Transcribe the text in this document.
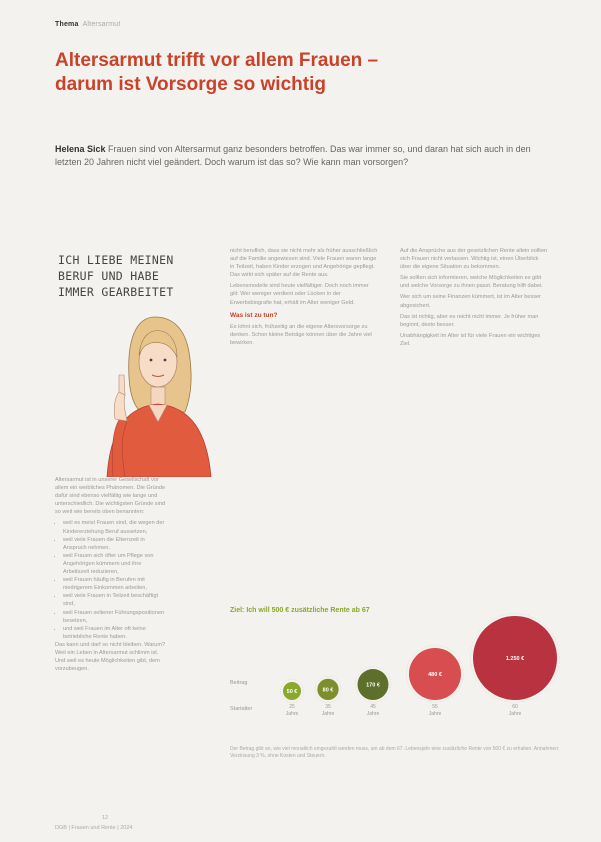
Thema Altersarmut
Altersarmut trifft vor allem Frauen –
darum ist Vorsorge so wichtig
Helena Sick Frauen sind von Altersarmut ganz besonders betroffen. Das war immer so, und daran hat sich auch in den letzten 20 Jahren nicht viel geändert. Doch warum ist das so? Wie kann man vorsorgen?
ICH LIEBE MEINEN
BERUF UND HABE
IMMER GEARBEITET

Altersarmut ist in unserer Gesellschaft vor allem ein weibliches Phänomen. Die Gründe dafür sind ebenso vielfältig wie lange und unterschiedlich. Die wichtigsten Gründe sind so weit wie bereits oben benannten:

• weil es meist Frauen sind, die wegen der Kindererziehung Beruf aussetzen,
• weil viele Frauen die Elternzeit in Anspruch nehmen,
• weil Frauen sich öfter um Pflege von Angehörigen kümmern und ihre Arbeitszeit reduzieren,
• weil Frauen häufig in Berufen mit niedrigerem Einkommen arbeiten,
• weil viele Frauen in Teilzeit beschäftigt sind,
• weil Frauen seltener Führungspositionen besetzen,
• und weil Frauen im Alter oft keine betriebliche Rente haben.

Das kann und darf so nicht bleiben. Warum? Weil ein Leben in Altersarmut schlimm ist. Und weil es heute Möglichkeiten gibt, dem vorzubeugen.

nicht beruflich, dass sie nicht mehr als früher ausschließlich auf die Familie angewiesen sind. Viele Frauen waren lange in Teilzeit, haben Kinder erzogen und Angehörige gepflegt. Das wirkt sich später auf die Rente aus.

Lebensmodelle sind heute vielfältiger. Doch noch immer gilt: Wer weniger verdient oder Lücken in der Erwerbsbiografie hat, erhält im Alter weniger Geld.

Was ist zu tun?

Es lohnt sich, frühzeitig an die eigene Altersvorsorge zu denken. Schon kleine Beträge können über die Jahre viel bewirken.

Auf die Ansprüche aus der gesetzlichen Rente allein sollten sich Frauen nicht verlassen. Wichtig ist, einen Überblick über die eigene Situation zu bekommen.

Sie sollten sich informieren, welche Möglichkeiten es gibt und welche Vorsorge zu ihnen passt. Beratung hilft dabei.

Wer sich um seine Finanzen kümmert, ist im Alter besser abgesichert.

Das ist richtig, aber es reicht nicht immer. Je früher man beginnt, desto besser.

Unabhängigkeit im Alter ist für viele Frauen ein wichtiges Ziel.

Ziel: Ich will 500 € zusätzliche Rente ab 67
50 €
25
Jahre
80 €
35
Jahre
170 €
45
Jahre
480 €
55
Jahre
1.250 €
60
Jahre
Beitrag
Startalter
Der Betrag gibt an, wie viel monatlich eingezahlt werden muss, um ab dem 67. Lebensjahr eine zusätzliche Rente von 500 € zu erhalten. Annahmen: Verzinsung 3 %, ohne Kosten und Steuern.
12
DGB | Frauen und Rente | 2024
